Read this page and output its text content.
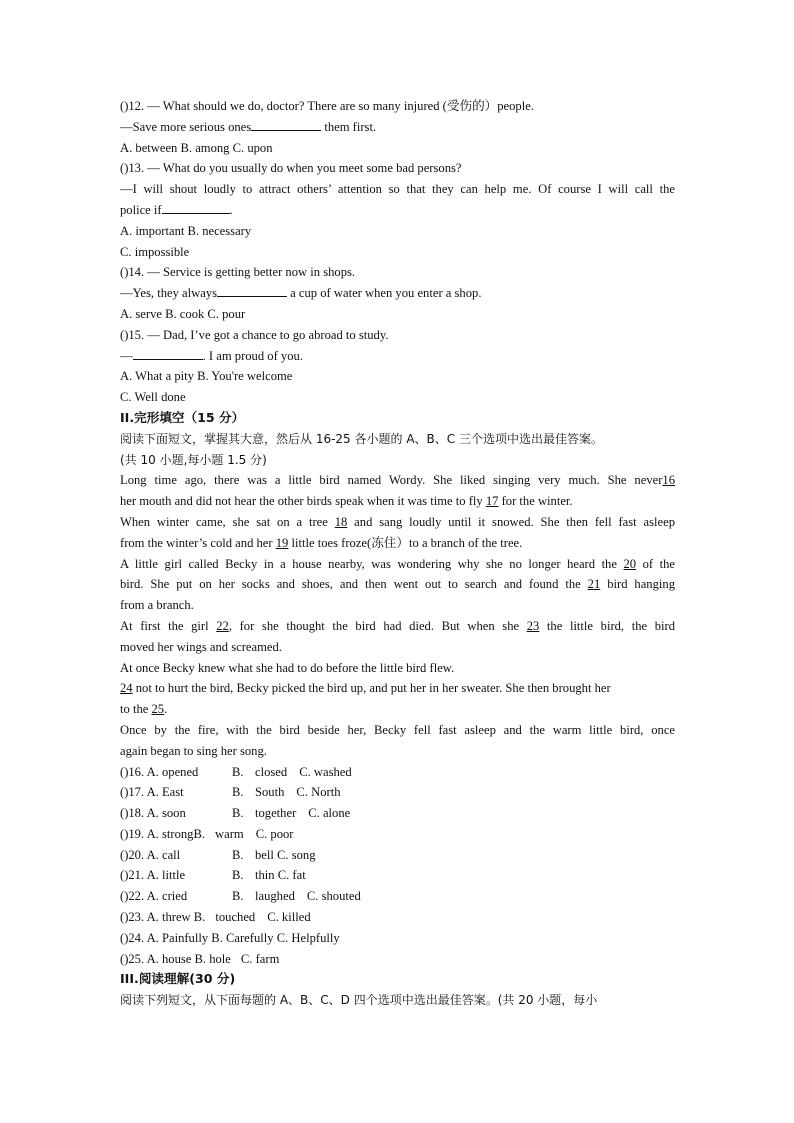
()12. — What should we do, doctor? There are so many injured (受伤的）people.
—Save more serious ones	them first.
A. between B. among C. upon
()13. — What do you usually do when you meet some bad persons?
—I will shout loudly to attract others’ attention so that they can help me. Of course I will call the
police if	.
A. important B. necessary
C. impossible
()14. — Service is getting better now in shops.
—Yes, they always	a cup of water when you enter a shop.
A. serve B. cook C. pour
()15. — Dad, I’ve got a chance to go abroad to study.
—	. I am proud of you.
A. What a pity B. You're welcome
C. Well done
II.完形填空（15 分）
阅读下面短文，掌握其大意，然后从 16-25 各小题的 A、B、C 三个选项中选出最佳答案。
(共 10 小题,每小题 1.5 分)
Long time ago, there was a little bird named Wordy. She liked singing very much. She never16
her mouth and did not hear the other birds speak when it was time to fly 17 for the winter.
When winter came, she sat on a tree 18 and sang loudly until it snowed. She then fell fast asleep
from the winter’s cold and her 19 little toes froze(冻住）to a branch of the tree.
A little girl called Becky in a house nearby, was wondering why she no longer heard the 20 of the
bird. She put on her socks and shoes, and then went out to search and found the 21 bird hanging
from a branch.
At first the girl 22, for she thought the bird had died. But when she 23 the little bird, the bird
moved her wings and screamed.
At once Becky knew what she had to do before the little bird flew.
24 not to hurt the bird, Becky picked the bird up, and put her in her sweater. She then brought her
to the 25.
Once by the fire, with the bird beside her, Becky fell fast asleep and the warm little bird, once
again began to sing her song.
()16. A. opened	B. closed C. washed
()17. A. East	B. South C. North
()18. A. soon	B. together C. alone
()19. A. strongB. warm C. poor
()20. A. call	B. bell C. song
()21. A. little	B. thin C. fat
()22. A. cried	B. laughed C. shouted
()23. A. threw B. touched C. killed
()24. A. Painfully B. Carefully C. Helpfully
()25. A. house B. hole C. farm
III.阅读理解(30 分)
阅读下列短文，从下面每题的 A、B、C、D 四个选项中选出最佳答案。(共 20 小题，每小
